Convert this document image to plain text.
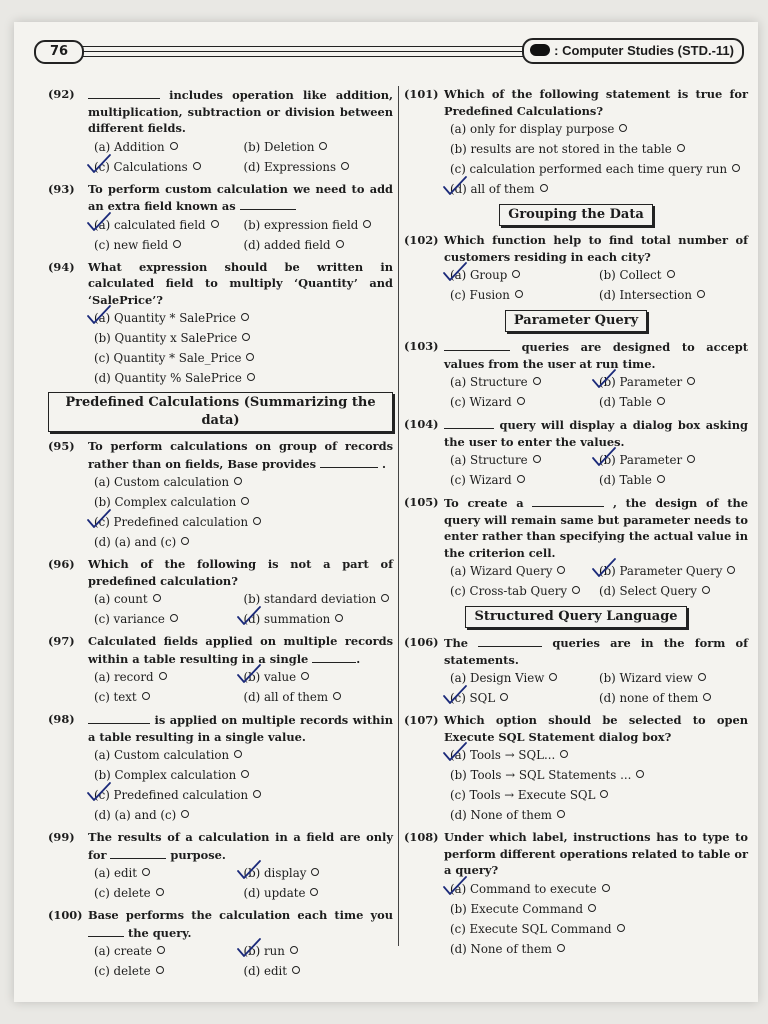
76	: Computer Studies (STD.-11)
(92)	includes operation like addition, multiplication, subtraction or division between different fields.
(a) Addition	(b) Deletion
(c) Calculations	(d) Expressions
(93) To perform custom calculation we need to add an extra field known as
(a) calculated field	(b) expression field
(c) new field	(d) added field
(94) What expression should be written in calculated field to multiply ‘Quantity’ and ‘SalePrice’?
(a) Quantity * SalePrice
(b) Quantity x SalePrice
(c) Quantity * Sale_Price
(d) Quantity % SalePrice
Predefined Calculations (Summarizing the data)
(95) To perform calculations on group of records rather than on fields, Base provides	.
(a) Custom calculation
(b) Complex calculation
(c) Predefined calculation
(d) (a) and (c)
(96) Which of the following is not a part of predefined calculation?
(a) count	(b) standard deviation
(c) variance	(d) summation
(97) Calculated fields applied on multiple records within a table resulting in a single	.
(a) record	(b) value
(c) text	(d) all of them
(98)	is applied on multiple records within a table resulting in a single value.
(a) Custom calculation
(b) Complex calculation
(c) Predefined calculation
(d) (a) and (c)
(99) The results of a calculation in a field are only for	purpose.
(a) edit	(b) display
(c) delete	(d) update
(100) Base performs the calculation each time you  the query.
(a) create	(b) run
(c) delete	(d) edit
(101) Which of the following statement is true for Predefined Calculations?
(a) only for display purpose
(b) results are not stored in the table
(c) calculation performed each time query run
(d) all of them
Grouping the Data
(102) Which function help to find total number of customers residing in each city?
(a) Group	(b) Collect
(c) Fusion	(d) Intersection
Parameter Query
(103)	queries are designed to accept values from the user at run time.
(a) Structure	(b) Parameter
(c) Wizard	(d) Table
(104)	query will display a dialog box asking the user to enter the values.
(a) Structure	(b) Parameter
(c) Wizard	(d) Table
(105) To create a	, the design of the query will remain same but parameter needs to enter rather than specifying the actual value in the criterion cell.
(a) Wizard Query	(b) Parameter Query
(c) Cross-tab Query	(d) Select Query
Structured Query Language
(106) The	queries are in the form of statements.
(a) Design View	(b) Wizard view
(c) SQL	(d) none of them
(107) Which option should be selected to open Execute SQL Statement dialog box?
(a) Tools → SQL...
(b) Tools → SQL Statements ...
(c) Tools → Execute SQL
(d) None of them
(108) Under which label, instructions has to type to perform different operations related to table or a query?
(a) Command to execute
(b) Execute Command
(c) Execute SQL Command
(d) None of them
